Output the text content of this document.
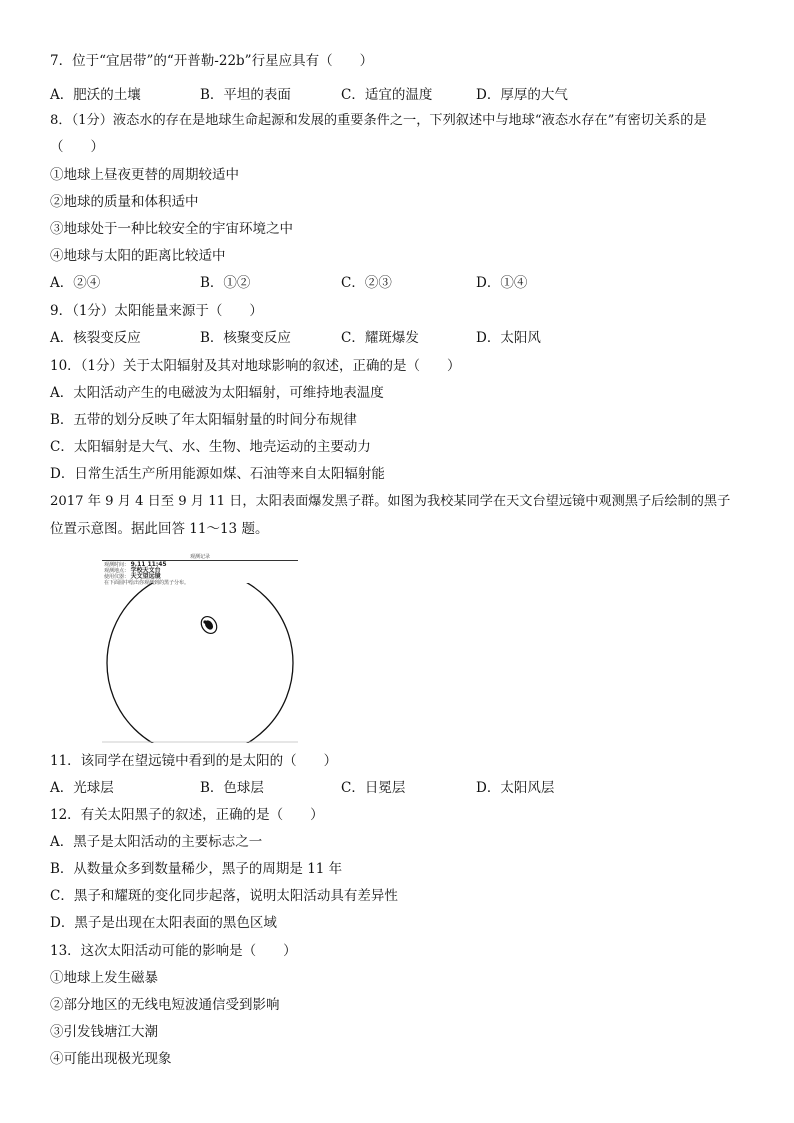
7．位于“宜居带”的“开普勒-22b”行星应具有（　　）
A．肥沃的土壤	B．平坦的表面	C．适宜的温度	D．厚厚的大气
8．（1分）液态水的存在是地球生命起源和发展的重要条件之一，下列叙述中与地球“液态水存在”有密切关系的是
（　　）
①地球上昼夜更替的周期较适中
②地球的质量和体积适中
③地球处于一种比较安全的宇宙环境之中
④地球与太阳的距离比较适中
A．②④	B．①②	C．②③	D．①④
9．（1分）太阳能量来源于（　　）
A．核裂变反应	B．核聚变反应	C．耀斑爆发	D．太阳风
10．（1分）关于太阳辐射及其对地球影响的叙述，正确的是（　　）
A．太阳活动产生的电磁波为太阳辐射，可维持地表温度
B．五带的划分反映了年太阳辐射量的时间分布规律
C．太阳辐射是大气、水、生物、地壳运动的主要动力
D．日常生活生产所用能源如煤、石油等来自太阳辐射能
2017 年 9 月 4 日至 9 月 11 日，太阳表面爆发黑子群。如图为我校某同学在天文台望远镜中观测黑子后绘制的黑子
位置示意图。据此回答 11～13 题。
观测记录
观测时间： 9.11 11:45
观测地点： 学校天文台
使用仪器： 天文望远镜
在下面圆中绘出你观测到的黑子分布。
11．该同学在望远镜中看到的是太阳的（　　）
A．光球层	B．色球层	C．日冕层	D．太阳风层
12．有关太阳黑子的叙述，正确的是（　　）
A．黑子是太阳活动的主要标志之一
B．从数量众多到数量稀少，黑子的周期是 11 年
C．黑子和耀斑的变化同步起落，说明太阳活动具有差异性
D．黑子是出现在太阳表面的黑色区域
13．这次太阳活动可能的影响是（　　）
①地球上发生磁暴
②部分地区的无线电短波通信受到影响
③引发钱塘江大潮
④可能出现极光现象
